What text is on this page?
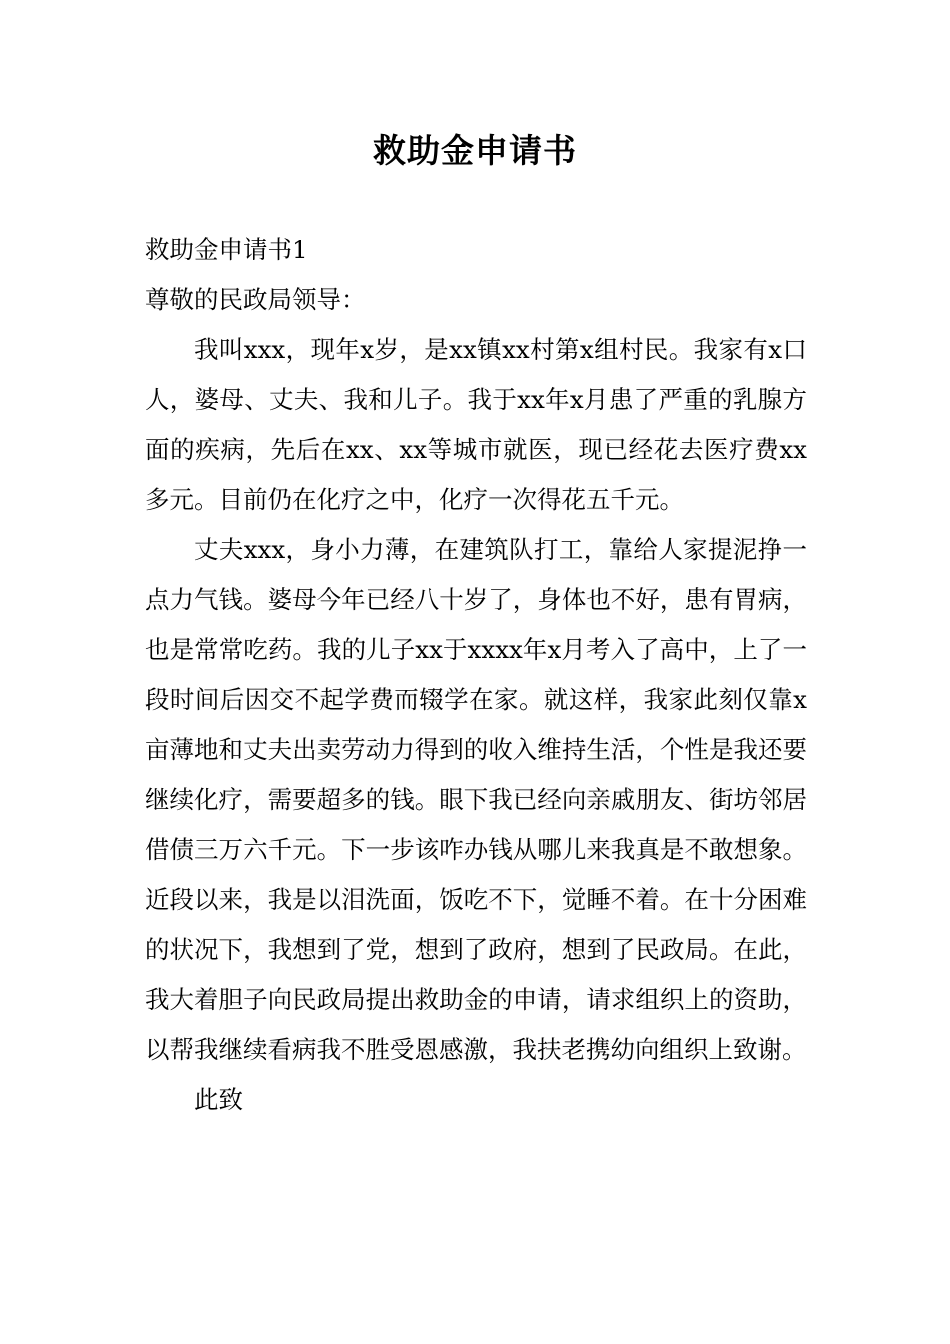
救助金申请书

救助金申请书1

尊敬的民政局领导：

我叫xxx，现年x岁，是xx镇xx村第x组村民。我家有x口人，婆母、丈夫、我和儿子。我于xx年x月患了严重的乳腺方面的疾病，先后在xx、xx等城市就医，现已经花去医疗费xx多元。目前仍在化疗之中，化疗一次得花五千元。

丈夫xxx，身小力薄，在建筑队打工，靠给人家提泥挣一点力气钱。婆母今年已经八十岁了，身体也不好，患有胃病，也是常常吃药。我的儿子xx于xxxx年x月考入了高中，上了一段时间后因交不起学费而辍学在家。就这样，我家此刻仅靠x亩薄地和丈夫出卖劳动力得到的收入维持生活，个性是我还要继续化疗，需要超多的钱。眼下我已经向亲戚朋友、街坊邻居借债三万六千元。下一步该咋办钱从哪儿来我真是不敢想象。近段以来，我是以泪洗面，饭吃不下，觉睡不着。在十分困难的状况下，我想到了党，想到了政府，想到了民政局。在此，我大着胆子向民政局提出救助金的申请，请求组织上的资助，以帮我继续看病我不胜受恩感激，我扶老携幼向组织上致谢。

此致
